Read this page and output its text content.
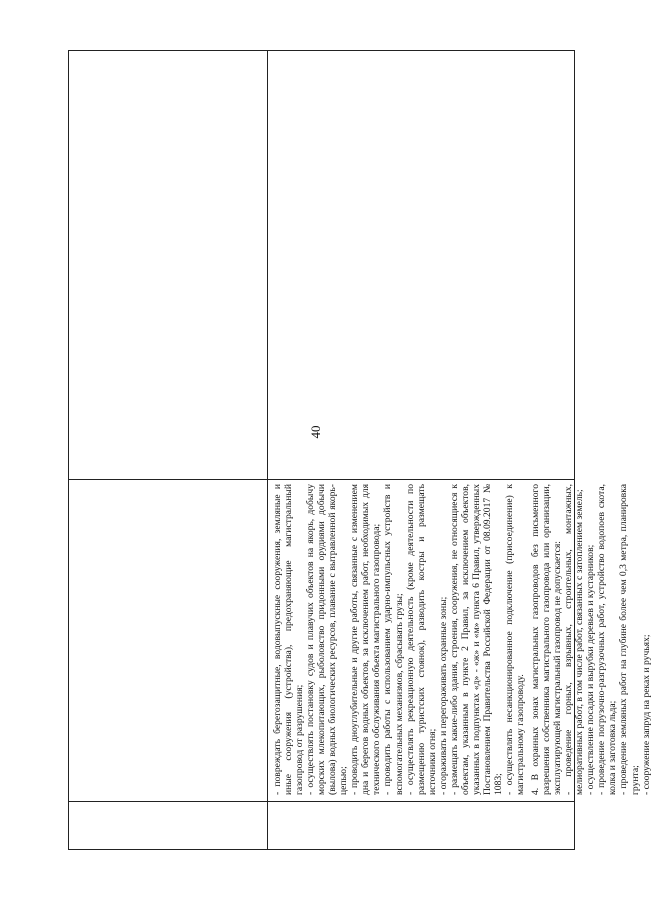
40

- повреждать берегозащитные, водовыпускные сооружения, земляные и иные сооружения (устройства), предохраняющие магистральный газопровод от разрушения; - осуществлять постановку судов и плавучих объектов на якорь, добычу морских млекопитающих, рыболовство придонными орудиями добычи (вылова) водных биологических ресурсов, плавание с вытравленной якорь-цепью; - проводить дноуглубительные и другие работы, связанные с изменением дна и берегов водных объектов, за исключением работ, необходимых для технического обслуживания объекта магистрального газопровода; - проводить работы с использованием ударно-импульсных устройств и вспомогательных механизмов, сбрасывать грузы; - осуществлять рекреационную деятельность (кроме деятельности по размещению туристских стоянок), разводить костры и размещать источники огня; - огораживать и перегораживать охранные зоны; - размещать какие-либо здания, строения, сооружения, не относящиеся к объектам, указанным в пункте 2 Правил, за исключением объектов, указанных в подпунктах «д» - «ж» и «м» пункта 6 Правил, утвержденных Постановлением Правительства Российской Федерации от 08.09.2017 № 1083; - осуществлять несанкционированное подключение (присоединение) к магистральному газопроводу. 4. В охранных зонах магистральных газопроводов без письменного разрешения собственника магистрального газопровода или организации, эксплуатирующей магистральный газопровод не допускается: - проведение горных, взрывных, строительных, монтажных, мелиоративных работ, в том числе работ, связанных с затоплением земель; - осуществление посадки и вырубки деревьев и кустарников; - проведение погрузочно-разгрузочных работ, устройство водопоев скота, колка и заготовка льда; - проведение земляных работ на глубине более чем 0,3 метра, планировка грунта; - сооружение запруд на реках и ручьях;
